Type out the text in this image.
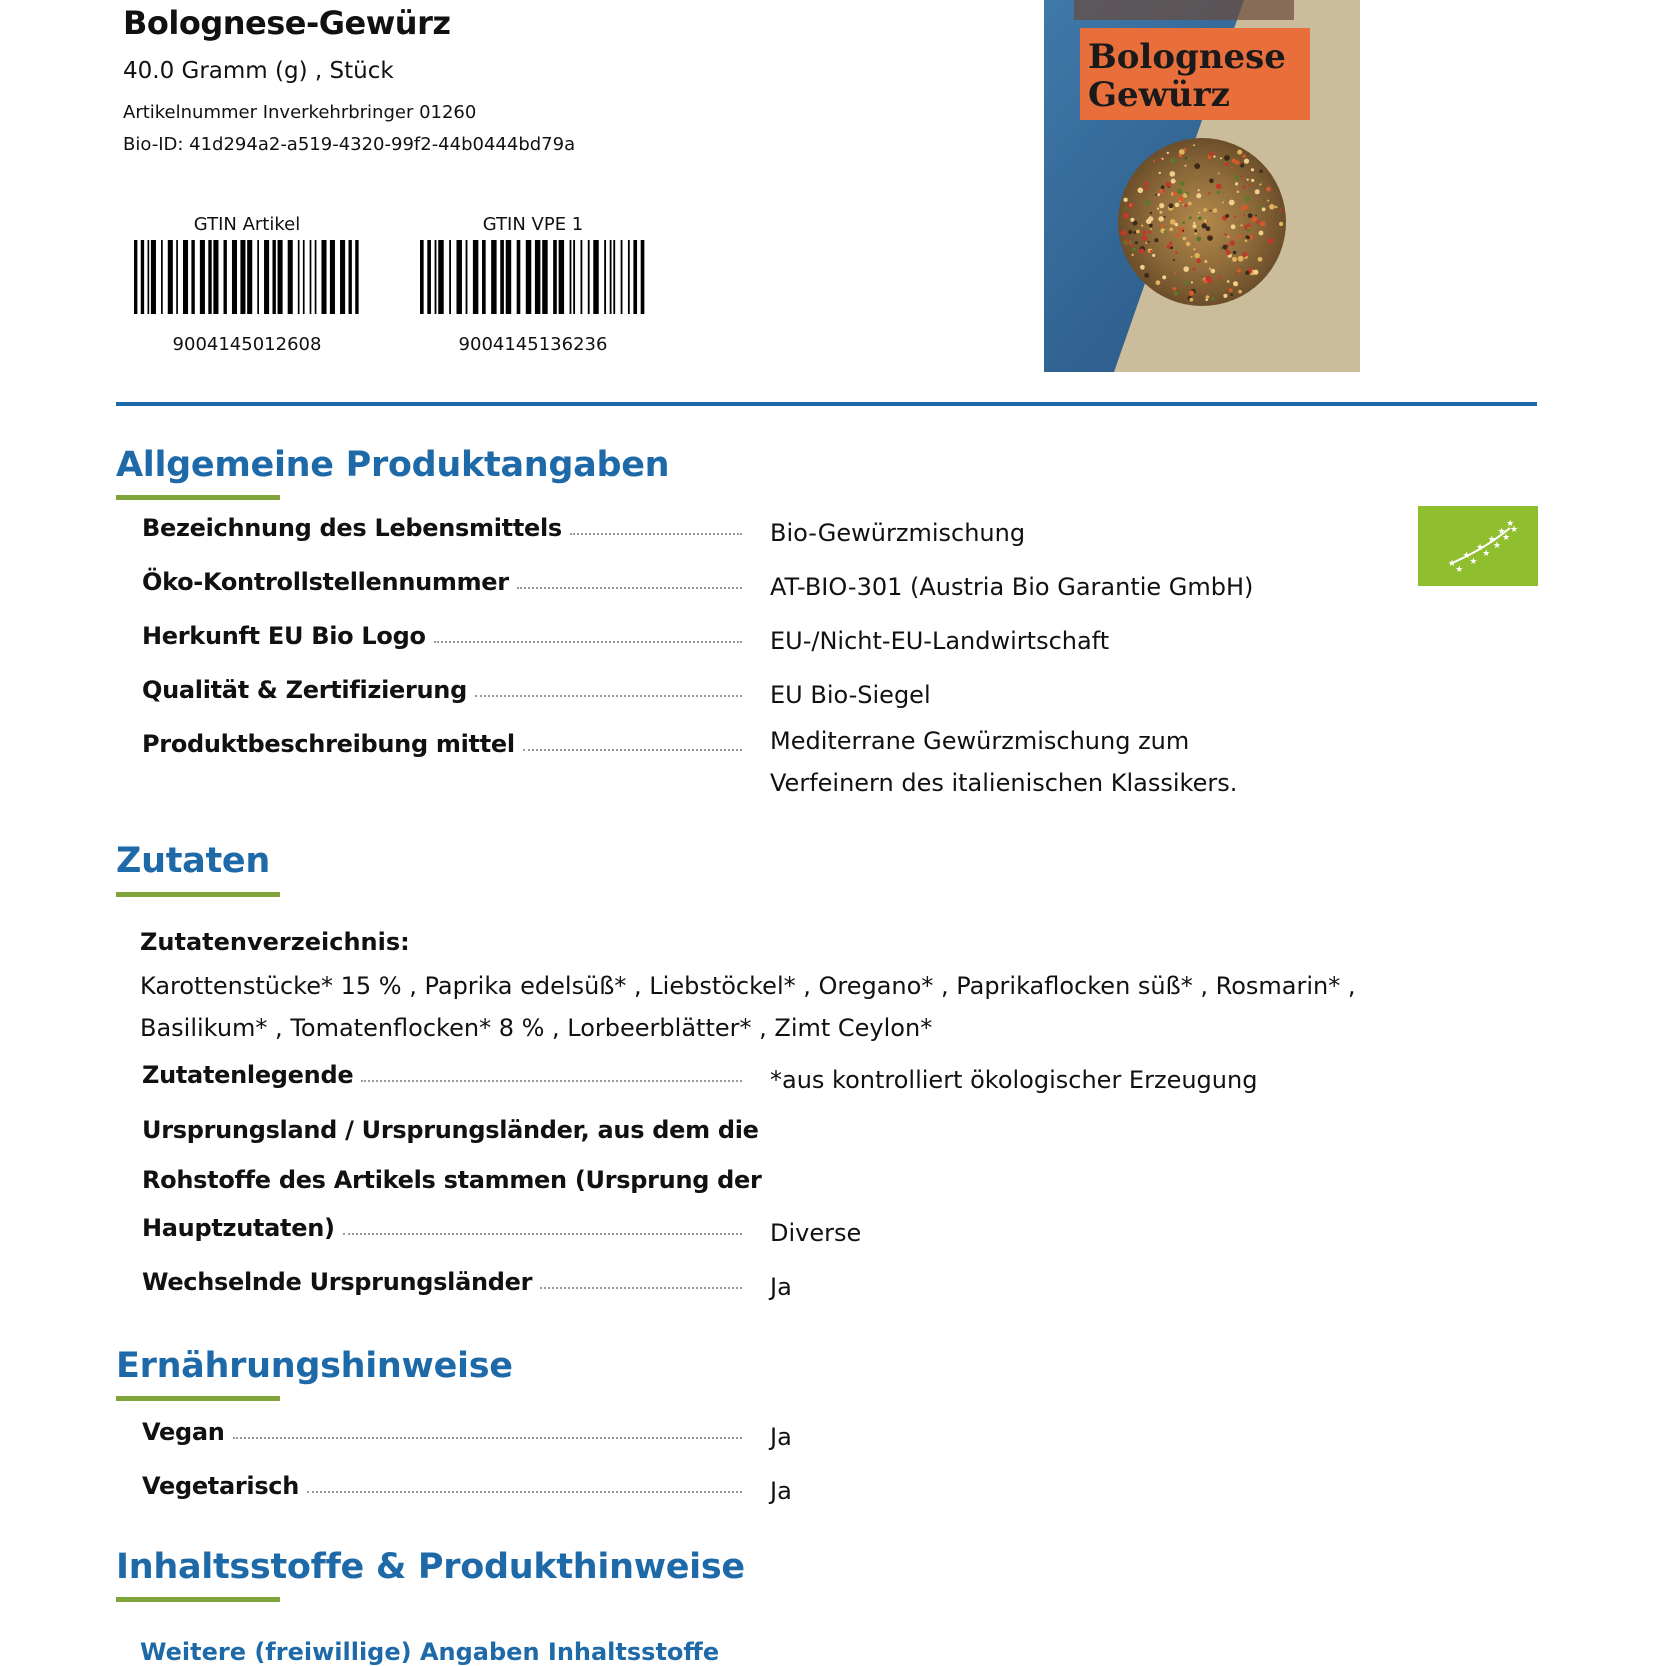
Bolognese-Gewürz
40.0 Gramm (g) , Stück
Artikelnummer Inverkehrbringer 01260
Bio-ID: 41d294a2-a519-4320-99f2-44b0444bd79a
GTIN Artikel
9004145012608
GTIN VPE 1
9004145136236
Bolognese
Gewürz
Allgemeine Produktangaben
Bezeichnung des Lebensmittels	Bio-Gewürzmischung
Öko-Kontrollstellennummer	AT-BIO-301 (Austria Bio Garantie GmbH)
Herkunft EU Bio Logo	EU-/Nicht-EU-Landwirtschaft
Qualität & Zertifizierung	EU Bio-Siegel
Produktbeschreibung mittel	Mediterrane Gewürzmischung zum Verfeinern des italienischen Klassikers.
★
★
★
★
★
★
★
★
★
★
★
★
Zutaten
Zutatenverzeichnis:
Karottenstücke* 15 % , Paprika edelsüß* , Liebstöckel* , Oregano* , Paprikaflocken süß* , Rosmarin* ,
Basilikum* , Tomatenflocken* 8 % , Lorbeerblätter* , Zimt Ceylon*
Zutatenlegende	*aus kontrolliert ökologischer Erzeugung
Ursprungsland / Ursprungsländer, aus dem die
Rohstoffe des Artikels stammen (Ursprung der
Hauptzutaten)	Diverse
Wechselnde Ursprungsländer	Ja
Ernährungshinweise
Vegan	Ja
Vegetarisch	Ja
Inhaltsstoffe & Produkthinweise
Weitere (freiwillige) Angaben Inhaltsstoffe
